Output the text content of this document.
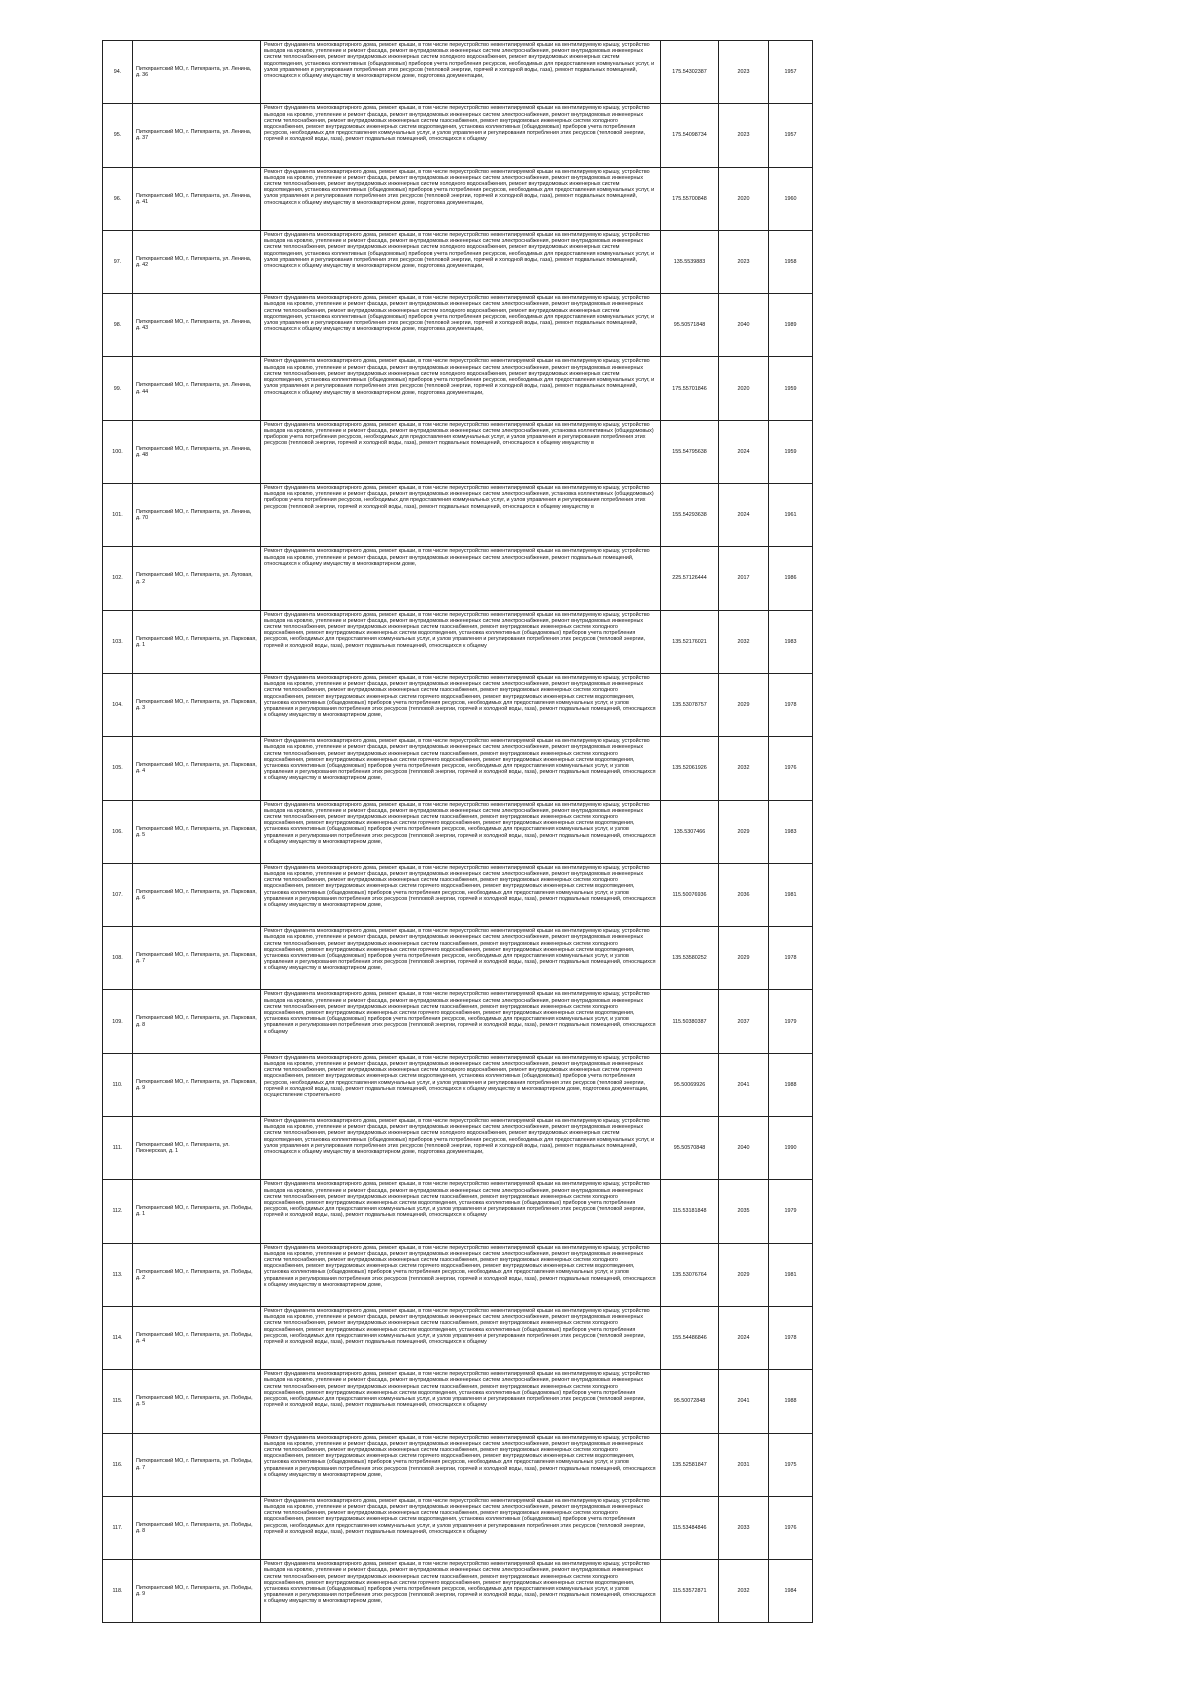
94.	Питкярантский МО, г. Питкяранта, ул. Ленина, д. 36	Ремонт фундамента многоквартирного дома, ремонт крыши, в том числе переустройство невентилируемой крыши на вентилируемую крышу, устройство выходов на кровлю, утепление и ремонт фасада, ремонт внутридомовых инженерных систем электроснабжения, ремонт внутридомовых инженерных систем теплоснабжения, ремонт внутридомовых инженерных систем холодного водоснабжения, ремонт внутридомовых инженерных систем водоотведения, установка коллективных (общедомовых) приборов учета потребления ресурсов, необходимых для предоставления коммунальных услуг, и узлов управления и регулирования потребления этих ресурсов (тепловой энергии, горячей и холодной воды, газа), ремонт подвальных помещений, относящихся к общему имуществу в многоквартирном доме, подготовка документации,	175.54302387	2023	1957

95.	Питкярантский МО, г. Питкяранта, ул. Ленина, д. 37	Ремонт фундамента многоквартирного дома, ремонт крыши, в том числе переустройство невентилируемой крыши на вентилируемую крышу, устройство выходов на кровлю, утепление и ремонт фасада, ремонт внутридомовых инженерных систем электроснабжения, ремонт внутридомовых инженерных систем теплоснабжения, ремонт внутридомовых инженерных систем газоснабжения, ремонт внутридомовых инженерных систем холодного водоснабжения, ремонт внутридомовых инженерных систем водоотведения, установка коллективных (общедомовых) приборов учета потребления ресурсов, необходимых для предоставления коммунальных услуг, и узлов управления и регулирования потребления этих ресурсов (тепловой энергии, горячей и холодной воды, газа), ремонт подвальных помещений, относящихся к общему	175.54098734	2023	1957

96.	Питкярантский МО, г. Питкяранта, ул. Ленина, д. 41	Ремонт фундамента многоквартирного дома, ремонт крыши, в том числе переустройство невентилируемой крыши на вентилируемую крышу, устройство выходов на кровлю, утепление и ремонт фасада, ремонт внутридомовых инженерных систем электроснабжения, ремонт внутридомовых инженерных систем теплоснабжения, ремонт внутридомовых инженерных систем холодного водоснабжения, ремонт внутридомовых инженерных систем водоотведения, установка коллективных (общедомовых) приборов учета потребления ресурсов, необходимых для предоставления коммунальных услуг, и узлов управления и регулирования потребления этих ресурсов (тепловой энергии, горячей и холодной воды, газа), ремонт подвальных помещений, относящихся к общему имуществу в многоквартирном доме, подготовка документации,	175.55700848	2020	1960

97.	Питкярантский МО, г. Питкяранта, ул. Ленина, д. 42	Ремонт фундамента многоквартирного дома, ремонт крыши, в том числе переустройство невентилируемой крыши на вентилируемую крышу, устройство выходов на кровлю, утепление и ремонт фасада, ремонт внутридомовых инженерных систем электроснабжения, ремонт внутридомовых инженерных систем теплоснабжения, ремонт внутридомовых инженерных систем холодного водоснабжения, ремонт внутридомовых инженерных систем водоотведения, установка коллективных (общедомовых) приборов учета потребления ресурсов, необходимых для предоставления коммунальных услуг, и узлов управления и регулирования потребления этих ресурсов (тепловой энергии, горячей и холодной воды, газа), ремонт подвальных помещений, относящихся к общему имуществу в многоквартирном доме, подготовка документации,	135.5539883	2023	1958

98.	Питкярантский МО, г. Питкяранта, ул. Ленина, д. 43	Ремонт фундамента многоквартирного дома, ремонт крыши, в том числе переустройство невентилируемой крыши на вентилируемую крышу, устройство выходов на кровлю, утепление и ремонт фасада, ремонт внутридомовых инженерных систем электроснабжения, ремонт внутридомовых инженерных систем теплоснабжения, ремонт внутридомовых инженерных систем холодного водоснабжения, ремонт внутридомовых инженерных систем водоотведения, установка коллективных (общедомовых) приборов учета потребления ресурсов, необходимых для предоставления коммунальных услуг, и узлов управления и регулирования потребления этих ресурсов (тепловой энергии, горячей и холодной воды, газа), ремонт подвальных помещений, относящихся к общему имуществу в многоквартирном доме, подготовка документации,	95.50571848	2040	1989

99.	Питкярантский МО, г. Питкяранта, ул. Ленина, д. 44	Ремонт фундамента многоквартирного дома, ремонт крыши, в том числе переустройство невентилируемой крыши на вентилируемую крышу, устройство выходов на кровлю, утепление и ремонт фасада, ремонт внутридомовых инженерных систем электроснабжения, ремонт внутридомовых инженерных систем теплоснабжения, ремонт внутридомовых инженерных систем холодного водоснабжения, ремонт внутридомовых инженерных систем водоотведения, установка коллективных (общедомовых) приборов учета потребления ресурсов, необходимых для предоставления коммунальных услуг, и узлов управления и регулирования потребления этих ресурсов (тепловой энергии, горячей и холодной воды, газа), ремонт подвальных помещений, относящихся к общему имуществу в многоквартирном доме, подготовка документации,	175.55701846	2020	1959

100.	Питкярантский МО, г. Питкяранта, ул. Ленина, д. 48	Ремонт фундамента многоквартирного дома, ремонт крыши, в том числе переустройство невентилируемой крыши на вентилируемую крышу, устройство выходов на кровлю, утепление и ремонт фасада, ремонт внутридомовых инженерных систем электроснабжения, установка коллективных (общедомовых) приборов учета потребления ресурсов, необходимых для предоставления коммунальных услуг, и узлов управления и регулирования потребления этих ресурсов (тепловой энергии, горячей и холодной воды, газа), ремонт подвальных помещений, относящихся к общему имуществу в	155.54795638	2024	1959

101.	Питкярантский МО, г. Питкяранта, ул. Ленина, д. 70	Ремонт фундамента многоквартирного дома, ремонт крыши, в том числе переустройство невентилируемой крыши на вентилируемую крышу, устройство выходов на кровлю, утепление и ремонт фасада, ремонт внутридомовых инженерных систем электроснабжения, установка коллективных (общедомовых) приборов учета потребления ресурсов, необходимых для предоставления коммунальных услуг, и узлов управления и регулирования потребления этих ресурсов (тепловой энергии, горячей и холодной воды, газа), ремонт подвальных помещений, относящихся к общему имуществу в	155.54293638	2024	1961

102.	Питкярантский МО, г. Питкяранта, ул. Луговая, д. 2	Ремонт фундамента многоквартирного дома, ремонт крыши, в том числе переустройство невентилируемой крыши на вентилируемую крышу, устройство выходов на кровлю, утепление и ремонт фасада, ремонт внутридомовых инженерных систем электроснабжения, ремонт подвальных помещений, относящихся к общему имуществу в многоквартирном доме,	225.57126444	2017	1986

103.	Питкярантский МО, г. Питкяранта, ул. Парковая, д. 1	Ремонт фундамента многоквартирного дома, ремонт крыши, в том числе переустройство невентилируемой крыши на вентилируемую крышу, устройство выходов на кровлю, утепление и ремонт фасада, ремонт внутридомовых инженерных систем электроснабжения, ремонт внутридомовых инженерных систем теплоснабжения, ремонт внутридомовых инженерных систем газоснабжения, ремонт внутридомовых инженерных систем холодного водоснабжения, ремонт внутридомовых инженерных систем водоотведения, установка коллективных (общедомовых) приборов учета потребления ресурсов, необходимых для предоставления коммунальных услуг, и узлов управления и регулирования потребления этих ресурсов (тепловой энергии, горячей и холодной воды, газа), ремонт подвальных помещений, относящихся к общему	135.52176021	2032	1983

104.	Питкярантский МО, г. Питкяранта, ул. Парковая, д. 3	Ремонт фундамента многоквартирного дома, ремонт крыши, в том числе переустройство невентилируемой крыши на вентилируемую крышу, устройство выходов на кровлю, утепление и ремонт фасада, ремонт внутридомовых инженерных систем электроснабжения, ремонт внутридомовых инженерных систем теплоснабжения, ремонт внутридомовых инженерных систем газоснабжения, ремонт внутридомовых инженерных систем холодного водоснабжения, ремонт внутридомовых инженерных систем горячего водоснабжения, ремонт внутридомовых инженерных систем водоотведения, установка коллективных (общедомовых) приборов учета потребления ресурсов, необходимых для предоставления коммунальных услуг, и узлов управления и регулирования потребления этих ресурсов (тепловой энергии, горячей и холодной воды, газа), ремонт подвальных помещений, относящихся к общему имуществу в многоквартирном доме,	135.53078757	2029	1978

105.	Питкярантский МО, г. Питкяранта, ул. Парковая, д. 4	Ремонт фундамента многоквартирного дома, ремонт крыши, в том числе переустройство невентилируемой крыши на вентилируемую крышу, устройство выходов на кровлю, утепление и ремонт фасада, ремонт внутридомовых инженерных систем электроснабжения, ремонт внутридомовых инженерных систем теплоснабжения, ремонт внутридомовых инженерных систем газоснабжения, ремонт внутридомовых инженерных систем холодного водоснабжения, ремонт внутридомовых инженерных систем горячего водоснабжения, ремонт внутридомовых инженерных систем водоотведения, установка коллективных (общедомовых) приборов учета потребления ресурсов, необходимых для предоставления коммунальных услуг, и узлов управления и регулирования потребления этих ресурсов (тепловой энергии, горячей и холодной воды, газа), ремонт подвальных помещений, относящихся к общему имуществу в многоквартирном доме,	135.52061926	2032	1976

106.	Питкярантский МО, г. Питкяранта, ул. Парковая, д. 5	Ремонт фундамента многоквартирного дома, ремонт крыши, в том числе переустройство невентилируемой крыши на вентилируемую крышу, устройство выходов на кровлю, утепление и ремонт фасада, ремонт внутридомовых инженерных систем электроснабжения, ремонт внутридомовых инженерных систем теплоснабжения, ремонт внутридомовых инженерных систем газоснабжения, ремонт внутридомовых инженерных систем холодного водоснабжения, ремонт внутридомовых инженерных систем горячего водоснабжения, ремонт внутридомовых инженерных систем водоотведения, установка коллективных (общедомовых) приборов учета потребления ресурсов, необходимых для предоставления коммунальных услуг, и узлов управления и регулирования потребления этих ресурсов (тепловой энергии, горячей и холодной воды, газа), ремонт подвальных помещений, относящихся к общему имуществу в многоквартирном доме,	135.5307466	2029	1983

107.	Питкярантский МО, г. Питкяранта, ул. Парковая, д. 6	Ремонт фундамента многоквартирного дома, ремонт крыши, в том числе переустройство невентилируемой крыши на вентилируемую крышу, устройство выходов на кровлю, утепление и ремонт фасада, ремонт внутридомовых инженерных систем электроснабжения, ремонт внутридомовых инженерных систем теплоснабжения, ремонт внутридомовых инженерных систем газоснабжения, ремонт внутридомовых инженерных систем холодного водоснабжения, ремонт внутридомовых инженерных систем горячего водоснабжения, ремонт внутридомовых инженерных систем водоотведения, установка коллективных (общедомовых) приборов учета потребления ресурсов, необходимых для предоставления коммунальных услуг, и узлов управления и регулирования потребления этих ресурсов (тепловой энергии, горячей и холодной воды, газа), ремонт подвальных помещений, относящихся к общему имуществу в многоквартирном доме,	115.50076936	2036	1981

108.	Питкярантский МО, г. Питкяранта, ул. Парковая, д. 7	Ремонт фундамента многоквартирного дома, ремонт крыши, в том числе переустройство невентилируемой крыши на вентилируемую крышу, устройство выходов на кровлю, утепление и ремонт фасада, ремонт внутридомовых инженерных систем электроснабжения, ремонт внутридомовых инженерных систем теплоснабжения, ремонт внутридомовых инженерных систем газоснабжения, ремонт внутридомовых инженерных систем холодного водоснабжения, ремонт внутридомовых инженерных систем горячего водоснабжения, ремонт внутридомовых инженерных систем водоотведения, установка коллективных (общедомовых) приборов учета потребления ресурсов, необходимых для предоставления коммунальных услуг, и узлов управления и регулирования потребления этих ресурсов (тепловой энергии, горячей и холодной воды, газа), ремонт подвальных помещений, относящихся к общему имуществу в многоквартирном доме,	135.53580252	2029	1978

109.	Питкярантский МО, г. Питкяранта, ул. Парковая, д. 8	Ремонт фундамента многоквартирного дома, ремонт крыши, в том числе переустройство невентилируемой крыши на вентилируемую крышу, устройство выходов на кровлю, утепление и ремонт фасада, ремонт внутридомовых инженерных систем электроснабжения, ремонт внутридомовых инженерных систем теплоснабжения, ремонт внутридомовых инженерных систем газоснабжения, ремонт внутридомовых инженерных систем холодного водоснабжения, ремонт внутридомовых инженерных систем горячего водоснабжения, ремонт внутридомовых инженерных систем водоотведения, установка коллективных (общедомовых) приборов учета потребления ресурсов, необходимых для предоставления коммунальных услуг, и узлов управления и регулирования потребления этих ресурсов (тепловой энергии, горячей и холодной воды, газа), ремонт подвальных помещений, относящихся к общему	115.50380387	2037	1979

110.	Питкярантский МО, г. Питкяранта, ул. Парковая, д. 9	Ремонт фундамента многоквартирного дома, ремонт крыши, в том числе переустройство невентилируемой крыши на вентилируемую крышу, устройство выходов на кровлю, утепление и ремонт фасада, ремонт внутридомовых инженерных систем электроснабжения, ремонт внутридомовых инженерных систем теплоснабжения, ремонт внутридомовых инженерных систем холодного водоснабжения, ремонт внутридомовых инженерных систем горячего водоснабжения, ремонт внутридомовых инженерных систем водоотведения, установка коллективных (общедомовых) приборов учета потребления ресурсов, необходимых для предоставления коммунальных услуг, и узлов управления и регулирования потребления этих ресурсов (тепловой энергии, горячей и холодной воды, газа), ремонт подвальных помещений, относящихся к общему имуществу в многоквартирном доме, подготовка документации, осуществление строительного	95.50069926	2041	1988

111.	Питкярантский МО, г. Питкяранта, ул. Пионерская, д. 1	Ремонт фундамента многоквартирного дома, ремонт крыши, в том числе переустройство невентилируемой крыши на вентилируемую крышу, устройство выходов на кровлю, утепление и ремонт фасада, ремонт внутридомовых инженерных систем электроснабжения, ремонт внутридомовых инженерных систем теплоснабжения, ремонт внутридомовых инженерных систем холодного водоснабжения, ремонт внутридомовых инженерных систем водоотведения, установка коллективных (общедомовых) приборов учета потребления ресурсов, необходимых для предоставления коммунальных услуг, и узлов управления и регулирования потребления этих ресурсов (тепловой энергии, горячей и холодной воды, газа), ремонт подвальных помещений, относящихся к общему имуществу в многоквартирном доме, подготовка документации,	95.50570848	2040	1990

112.	Питкярантский МО, г. Питкяранта, ул. Победы, д. 1	Ремонт фундамента многоквартирного дома, ремонт крыши, в том числе переустройство невентилируемой крыши на вентилируемую крышу, устройство выходов на кровлю, утепление и ремонт фасада, ремонт внутридомовых инженерных систем электроснабжения, ремонт внутридомовых инженерных систем теплоснабжения, ремонт внутридомовых инженерных систем газоснабжения, ремонт внутридомовых инженерных систем холодного водоснабжения, ремонт внутридомовых инженерных систем водоотведения, установка коллективных (общедомовых) приборов учета потребления ресурсов, необходимых для предоставления коммунальных услуг, и узлов управления и регулирования потребления этих ресурсов (тепловой энергии, горячей и холодной воды, газа), ремонт подвальных помещений, относящихся к общему	115.53181848	2035	1979

113.	Питкярантский МО, г. Питкяранта, ул. Победы, д. 2	Ремонт фундамента многоквартирного дома, ремонт крыши, в том числе переустройство невентилируемой крыши на вентилируемую крышу, устройство выходов на кровлю, утепление и ремонт фасада, ремонт внутридомовых инженерных систем электроснабжения, ремонт внутридомовых инженерных систем теплоснабжения, ремонт внутридомовых инженерных систем газоснабжения, ремонт внутридомовых инженерных систем холодного водоснабжения, ремонт внутридомовых инженерных систем горячего водоснабжения, ремонт внутридомовых инженерных систем водоотведения, установка коллективных (общедомовых) приборов учета потребления ресурсов, необходимых для предоставления коммунальных услуг, и узлов управления и регулирования потребления этих ресурсов (тепловой энергии, горячей и холодной воды, газа), ремонт подвальных помещений, относящихся к общему имуществу в многоквартирном доме,	135.53076764	2029	1981

114.	Питкярантский МО, г. Питкяранта, ул. Победы, д. 4	Ремонт фундамента многоквартирного дома, ремонт крыши, в том числе переустройство невентилируемой крыши на вентилируемую крышу, устройство выходов на кровлю, утепление и ремонт фасада, ремонт внутридомовых инженерных систем электроснабжения, ремонт внутридомовых инженерных систем теплоснабжения, ремонт внутридомовых инженерных систем газоснабжения, ремонт внутридомовых инженерных систем холодного водоснабжения, ремонт внутридомовых инженерных систем водоотведения, установка коллективных (общедомовых) приборов учета потребления ресурсов, необходимых для предоставления коммунальных услуг, и узлов управления и регулирования потребления этих ресурсов (тепловой энергии, горячей и холодной воды, газа), ремонт подвальных помещений, относящихся к общему	155.54486846	2024	1978

115.	Питкярантский МО, г. Питкяранта, ул. Победы, д. 5	Ремонт фундамента многоквартирного дома, ремонт крыши, в том числе переустройство невентилируемой крыши на вентилируемую крышу, устройство выходов на кровлю, утепление и ремонт фасада, ремонт внутридомовых инженерных систем электроснабжения, ремонт внутридомовых инженерных систем теплоснабжения, ремонт внутридомовых инженерных систем газоснабжения, ремонт внутридомовых инженерных систем холодного водоснабжения, ремонт внутридомовых инженерных систем водоотведения, установка коллективных (общедомовых) приборов учета потребления ресурсов, необходимых для предоставления коммунальных услуг, и узлов управления и регулирования потребления этих ресурсов (тепловой энергии, горячей и холодной воды, газа), ремонт подвальных помещений, относящихся к общему	95.50072848	2041	1988

116.	Питкярантский МО, г. Питкяранта, ул. Победы, д. 7	Ремонт фундамента многоквартирного дома, ремонт крыши, в том числе переустройство невентилируемой крыши на вентилируемую крышу, устройство выходов на кровлю, утепление и ремонт фасада, ремонт внутридомовых инженерных систем электроснабжения, ремонт внутридомовых инженерных систем теплоснабжения, ремонт внутридомовых инженерных систем газоснабжения, ремонт внутридомовых инженерных систем холодного водоснабжения, ремонт внутридомовых инженерных систем горячего водоснабжения, ремонт внутридомовых инженерных систем водоотведения, установка коллективных (общедомовых) приборов учета потребления ресурсов, необходимых для предоставления коммунальных услуг, и узлов управления и регулирования потребления этих ресурсов (тепловой энергии, горячей и холодной воды, газа), ремонт подвальных помещений, относящихся к общему имуществу в многоквартирном доме,	135.52581847	2031	1975

117.	Питкярантский МО, г. Питкяранта, ул. Победы, д. 8	Ремонт фундамента многоквартирного дома, ремонт крыши, в том числе переустройство невентилируемой крыши на вентилируемую крышу, устройство выходов на кровлю, утепление и ремонт фасада, ремонт внутридомовых инженерных систем электроснабжения, ремонт внутридомовых инженерных систем теплоснабжения, ремонт внутридомовых инженерных систем газоснабжения, ремонт внутридомовых инженерных систем холодного водоснабжения, ремонт внутридомовых инженерных систем водоотведения, установка коллективных (общедомовых) приборов учета потребления ресурсов, необходимых для предоставления коммунальных услуг, и узлов управления и регулирования потребления этих ресурсов (тепловой энергии, горячей и холодной воды, газа), ремонт подвальных помещений, относящихся к общему	115.53484846	2033	1976

118.	Питкярантский МО, г. Питкяранта, ул. Победы, д. 9	Ремонт фундамента многоквартирного дома, ремонт крыши, в том числе переустройство невентилируемой крыши на вентилируемую крышу, устройство выходов на кровлю, утепление и ремонт фасада, ремонт внутридомовых инженерных систем электроснабжения, ремонт внутридомовых инженерных систем теплоснабжения, ремонт внутридомовых инженерных систем газоснабжения, ремонт внутридомовых инженерных систем холодного водоснабжения, ремонт внутридомовых инженерных систем горячего водоснабжения, ремонт внутридомовых инженерных систем водоотведения, установка коллективных (общедомовых) приборов учета потребления ресурсов, необходимых для предоставления коммунальных услуг, и узлов управления и регулирования потребления этих ресурсов (тепловой энергии, горячей и холодной воды, газа), ремонт подвальных помещений, относящихся к общему имуществу в многоквартирном доме,	115.53572871	2032	1984
